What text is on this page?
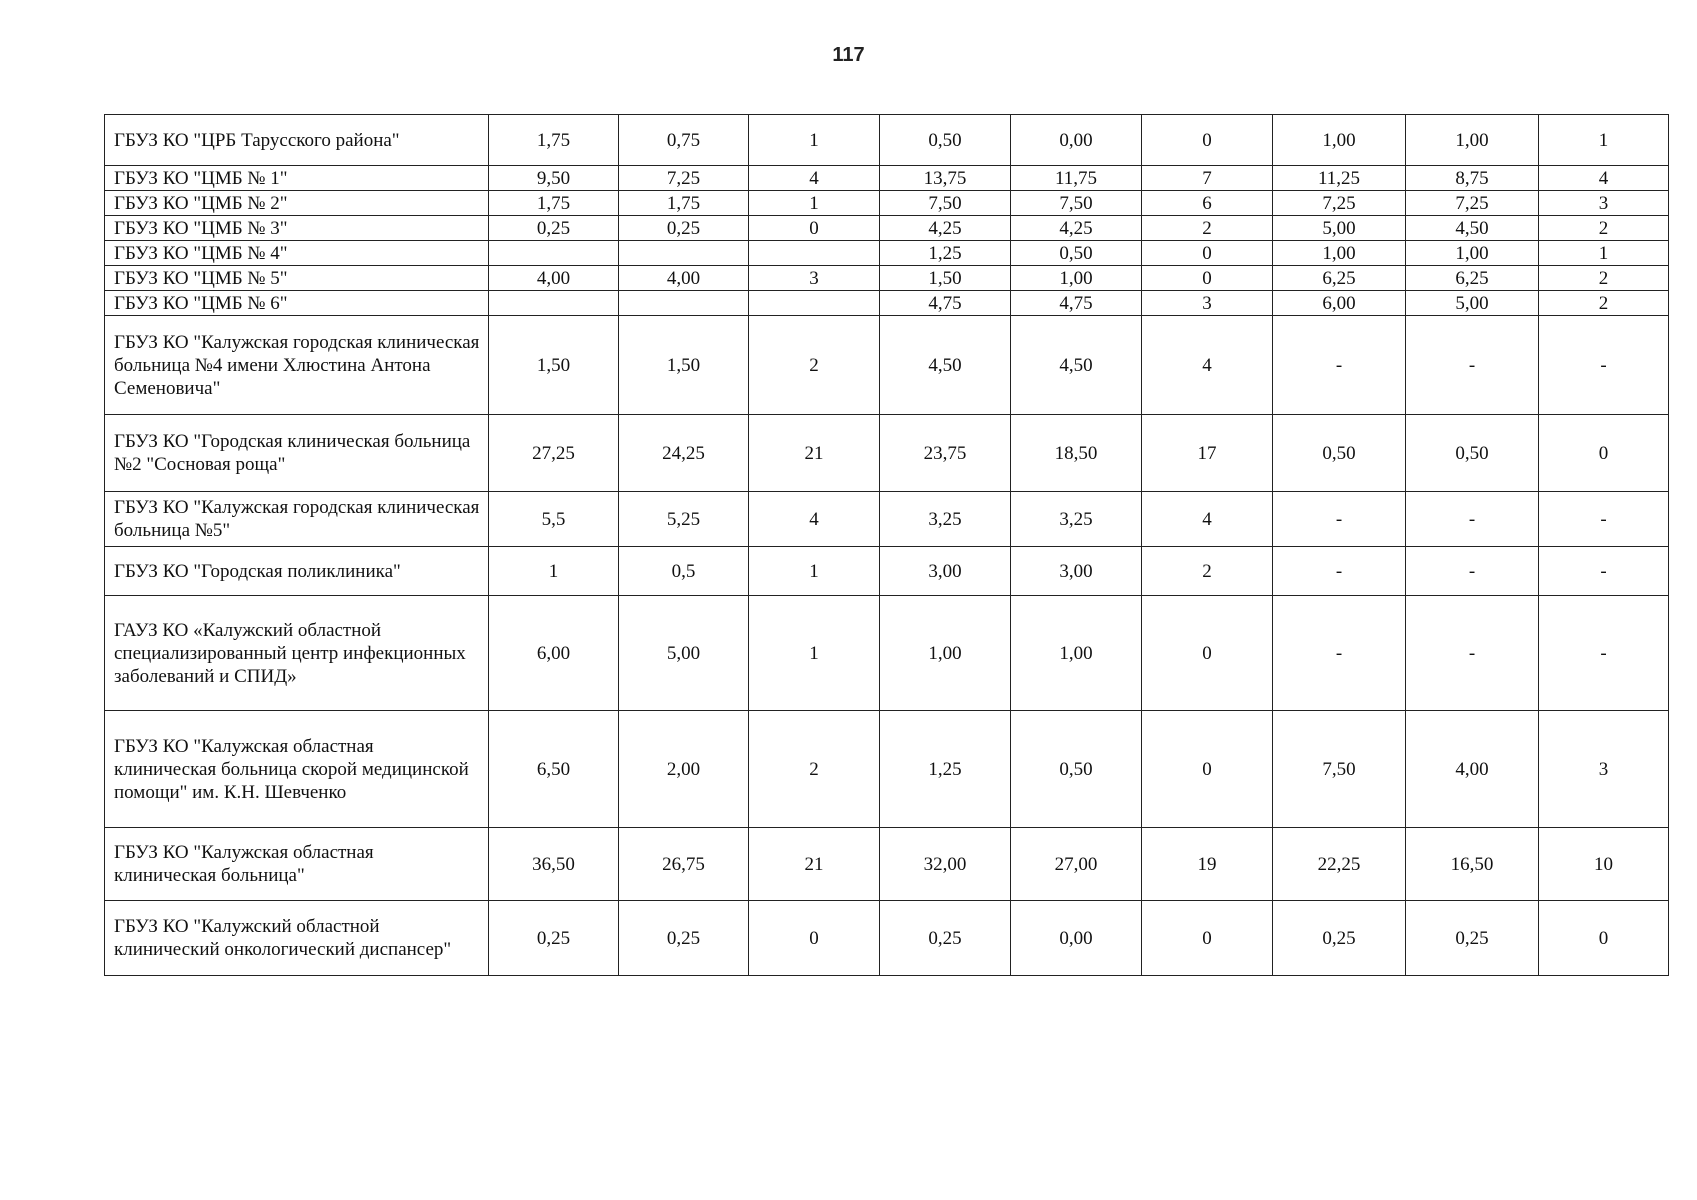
117
ГБУЗ КО "ЦРБ Тарусского района"	1,75	0,75	1	0,50	0,00	0	1,00	1,00	1
ГБУЗ КО "ЦМБ № 1"	9,50	7,25	4	13,75	11,75	7	11,25	8,75	4
ГБУЗ КО "ЦМБ № 2"	1,75	1,75	1	7,50	7,50	6	7,25	7,25	3
ГБУЗ КО "ЦМБ № 3"	0,25	0,25	0	4,25	4,25	2	5,00	4,50	2
ГБУЗ КО "ЦМБ № 4"				1,25	0,50	0	1,00	1,00	1
ГБУЗ КО "ЦМБ № 5"	4,00	4,00	3	1,50	1,00	0	6,25	6,25	2
ГБУЗ КО "ЦМБ № 6"				4,75	4,75	3	6,00	5,00	2
ГБУЗ КО "Калужская городская клиническая больница №4 имени Хлюстина Антона Семеновича"	1,50	1,50	2	4,50	4,50	4	-	-	-
ГБУЗ КО "Городская клиническая больница №2 "Сосновая роща"	27,25	24,25	21	23,75	18,50	17	0,50	0,50	0
ГБУЗ КО "Калужская городская клиническая больница №5"	5,5	5,25	4	3,25	3,25	4	-	-	-
ГБУЗ КО "Городская поликлиника"	1	0,5	1	3,00	3,00	2	-	-	-
ГАУЗ КО «Калужский областной специализированный центр инфекционных заболеваний и СПИД»	6,00	5,00	1	1,00	1,00	0	-	-	-
ГБУЗ КО "Калужская областная клиническая больница скорой медицинской помощи" им. К.Н. Шевченко	6,50	2,00	2	1,25	0,50	0	7,50	4,00	3
ГБУЗ КО "Калужская областная клиническая больница"	36,50	26,75	21	32,00	27,00	19	22,25	16,50	10
ГБУЗ КО "Калужский областной клинический онкологический диспансер"	0,25	0,25	0	0,25	0,00	0	0,25	0,25	0
